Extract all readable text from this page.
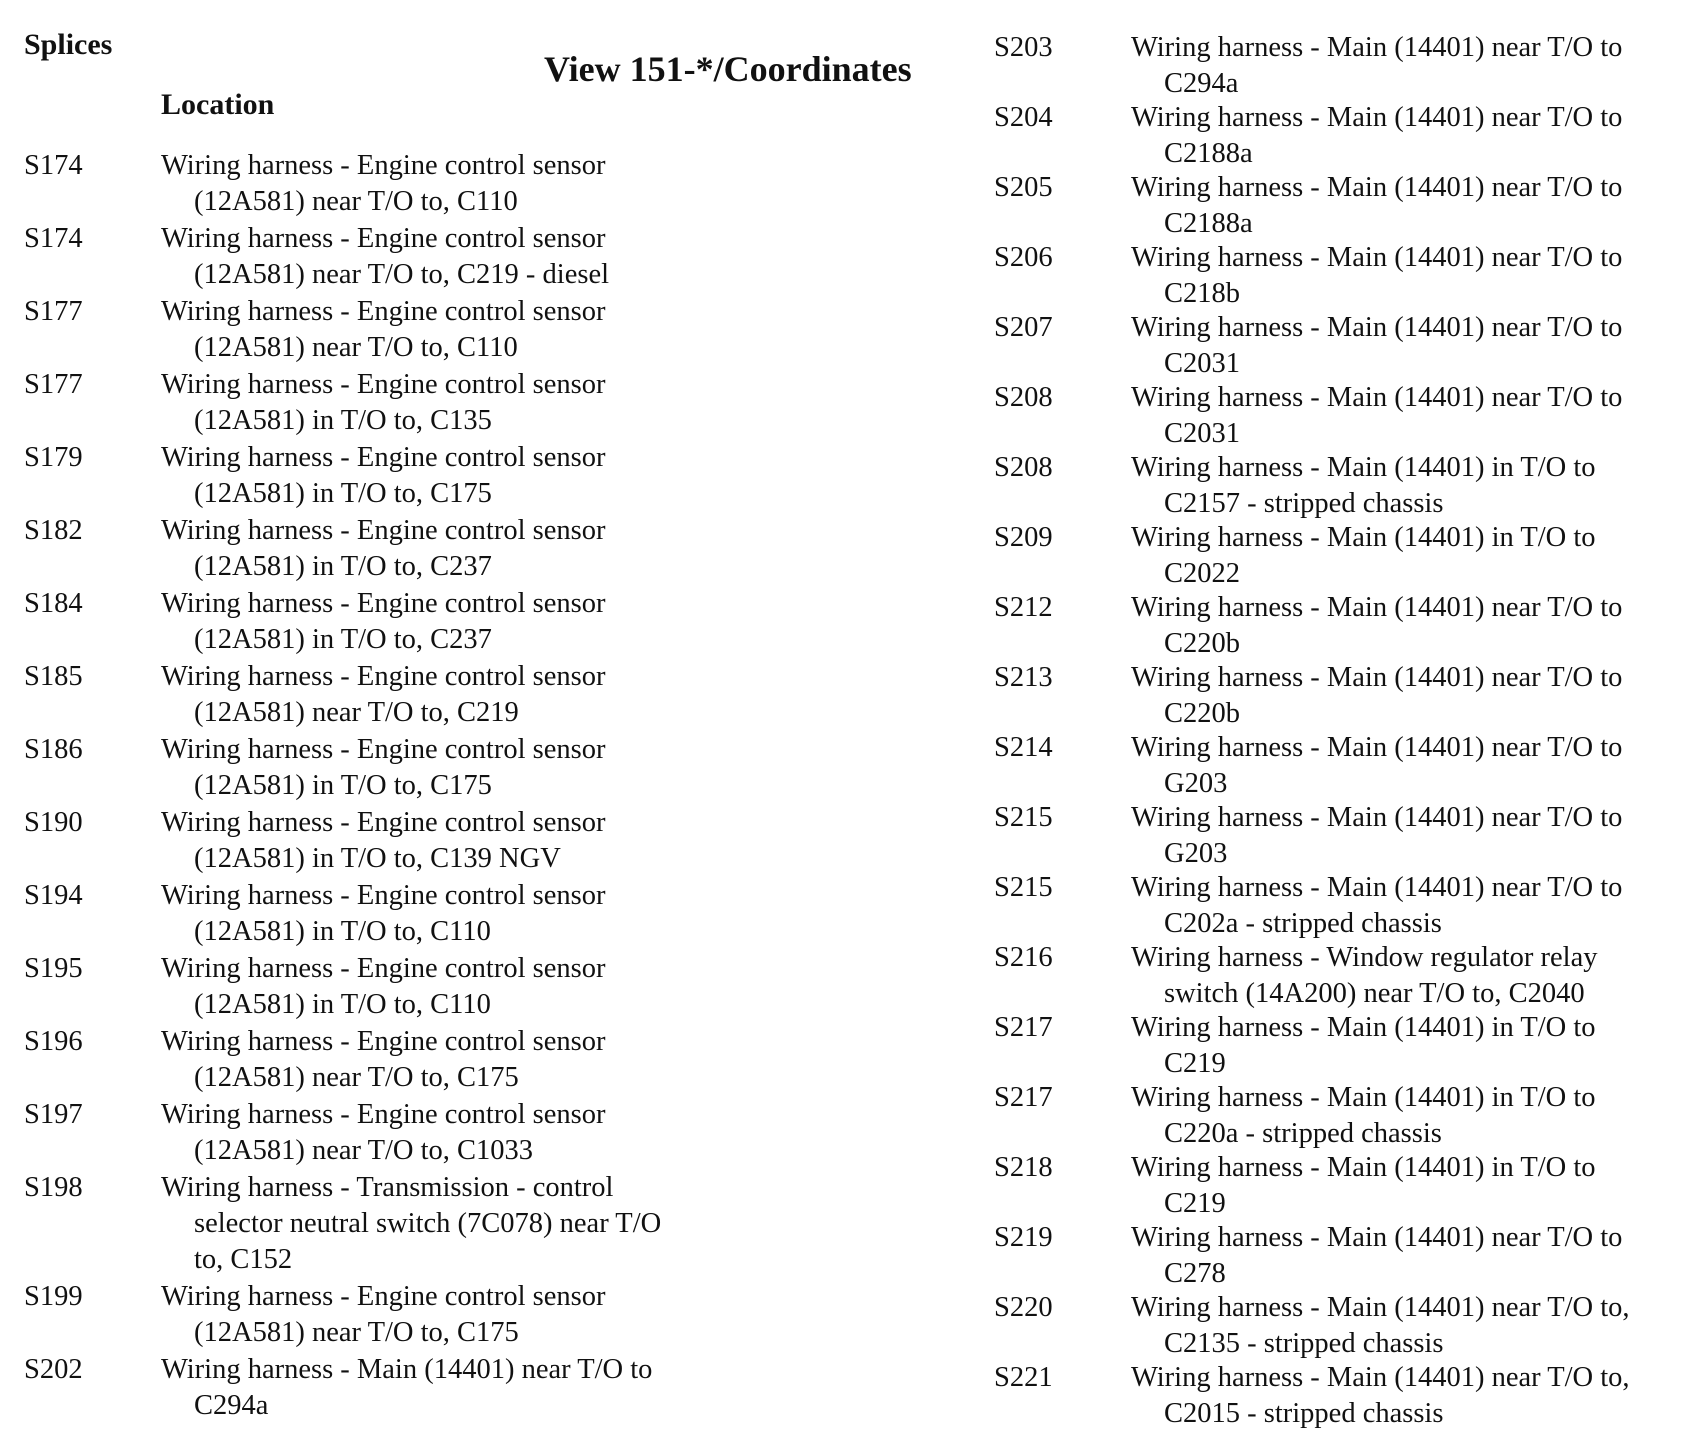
Splices
View 151-*/Coordinates
Location
S174	Wiring harness - Engine control sensor
(12A581) near T/O to, C110
S174	Wiring harness - Engine control sensor
(12A581) near T/O to, C219 - diesel
S177	Wiring harness - Engine control sensor
(12A581) near T/O to, C110
S177	Wiring harness - Engine control sensor
(12A581) in T/O to, C135
S179	Wiring harness - Engine control sensor
(12A581) in T/O to, C175
S182	Wiring harness - Engine control sensor
(12A581) in T/O to, C237
S184	Wiring harness - Engine control sensor
(12A581) in T/O to, C237
S185	Wiring harness - Engine control sensor
(12A581) near T/O to, C219
S186	Wiring harness - Engine control sensor
(12A581) in T/O to, C175
S190	Wiring harness - Engine control sensor
(12A581) in T/O to, C139 NGV
S194	Wiring harness - Engine control sensor
(12A581) in T/O to, C110
S195	Wiring harness - Engine control sensor
(12A581) in T/O to, C110
S196	Wiring harness - Engine control sensor
(12A581) near T/O to, C175
S197	Wiring harness - Engine control sensor
(12A581) near T/O to, C1033
S198	Wiring harness - Transmission - control
selector neutral switch (7C078) near T/O
to, C152
S199	Wiring harness - Engine control sensor
(12A581) near T/O to, C175
S202	Wiring harness - Main (14401) near T/O to
C294a
S203	Wiring harness - Main (14401) near T/O to
C294a
S204	Wiring harness - Main (14401) near T/O to
C2188a
S205	Wiring harness - Main (14401) near T/O to
C2188a
S206	Wiring harness - Main (14401) near T/O to
C218b
S207	Wiring harness - Main (14401) near T/O to
C2031
S208	Wiring harness - Main (14401) near T/O to
C2031
S208	Wiring harness - Main (14401) in T/O to
C2157 - stripped chassis
S209	Wiring harness - Main (14401) in T/O to
C2022
S212	Wiring harness - Main (14401) near T/O to
C220b
S213	Wiring harness - Main (14401) near T/O to
C220b
S214	Wiring harness - Main (14401) near T/O to
G203
S215	Wiring harness - Main (14401) near T/O to
G203
S215	Wiring harness - Main (14401) near T/O to
C202a - stripped chassis
S216	Wiring harness - Window regulator relay
switch (14A200) near T/O to, C2040
S217	Wiring harness - Main (14401) in T/O to
C219
S217	Wiring harness - Main (14401) in T/O to
C220a - stripped chassis
S218	Wiring harness - Main (14401) in T/O to
C219
S219	Wiring harness - Main (14401) near T/O to
C278
S220	Wiring harness - Main (14401) near T/O to,
C2135 - stripped chassis
S221	Wiring harness - Main (14401) near T/O to,
C2015 - stripped chassis
